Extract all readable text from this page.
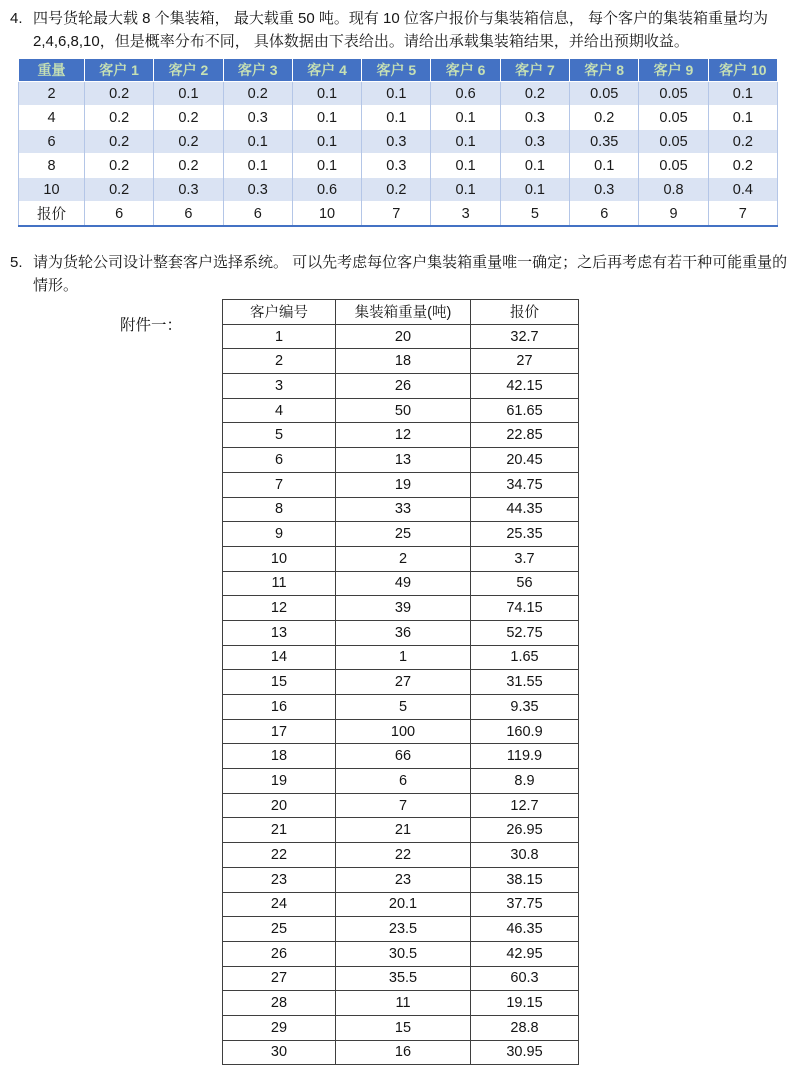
4. 四号货轮最大载 8 个集装箱， 最大载重 50 吨。现有 10 位客户报价与集装箱信息， 每个客户的集装箱重量均为 2,4,6,8,10，但是概率分布不同， 具体数据由下表给出。请给出承载集装箱结果，并给出预期收益。
重量	客户 1	客户 2	客户 3	客户 4	客户 5	客户 6	客户 7	客户 8	客户 9	客户 10
2	0.2	0.1	0.2	0.1	0.1	0.6	0.2	0.05	0.05	0.1
4	0.2	0.2	0.3	0.1	0.1	0.1	0.3	0.2	0.05	0.1
6	0.2	0.2	0.1	0.1	0.3	0.1	0.3	0.35	0.05	0.2
8	0.2	0.2	0.1	0.1	0.3	0.1	0.1	0.1	0.05	0.2
10	0.2	0.3	0.3	0.6	0.2	0.1	0.1	0.3	0.8	0.4
报价	6	6	6	10	7	3	5	6	9	7
5. 请为货轮公司设计整套客户选择系统。 可以先考虑每位客户集装箱重量唯一确定；之后再考虑有若干种可能重量的情形。
附件一：
客户编号	集装箱重量(吨)	报价
1	20	32.7
2	18	27
3	26	42.15
4	50	61.65
5	12	22.85
6	13	20.45
7	19	34.75
8	33	44.35
9	25	25.35
10	2	3.7
11	49	56
12	39	74.15
13	36	52.75
14	1	1.65
15	27	31.55
16	5	9.35
17	100	160.9
18	66	119.9
19	6	8.9
20	7	12.7
21	21	26.95
22	22	30.8
23	23	38.15
24	20.1	37.75
25	23.5	46.35
26	30.5	42.95
27	35.5	60.3
28	11	19.15
29	15	28.8
30	16	30.95
